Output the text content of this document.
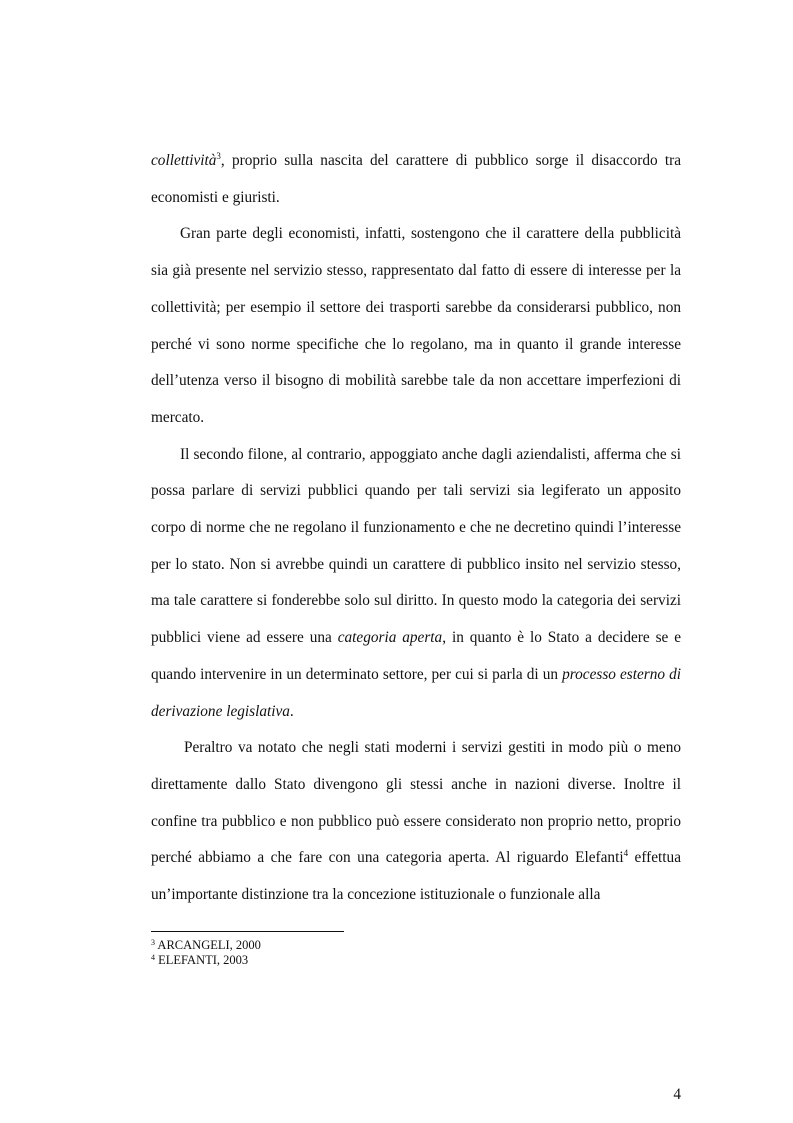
collettività$^3$, proprio sulla nascita del carattere di pubblico sorge il disaccordo tra economisti e giuristi.

Gran parte degli economisti, infatti, sostengono che il carattere della pubblicità sia già presente nel servizio stesso, rappresentato dal fatto di essere di interesse per la collettività; per esempio il settore dei trasporti sarebbe da considerarsi pubblico, non perché vi sono norme specifiche che lo regolano, ma in quanto il grande interesse dell’utenza verso il bisogno di mobilità sarebbe tale da non accettare imperfezioni di mercato.

Il secondo filone, al contrario, appoggiato anche dagli aziendalisti, afferma che si possa parlare di servizi pubblici quando per tali servizi sia legiferato un apposito corpo di norme che ne regolano il funzionamento e che ne decretino quindi l’interesse per lo stato. Non si avrebbe quindi un carattere di pubblico insito nel servizio stesso, ma tale carattere si fonderebbe solo sul diritto. In questo modo la categoria dei servizi pubblici viene ad essere una categoria aperta, in quanto è lo Stato a decidere se e quando intervenire in un determinato settore, per cui si parla di un processo esterno di derivazione legislativa.

Peraltro va notato che negli stati moderni i servizi gestiti in modo più o meno direttamente dallo Stato divengono gli stessi anche in nazioni diverse. Inoltre il confine tra pubblico e non pubblico può essere considerato non proprio netto, proprio perché abbiamo a che fare con una categoria aperta. Al riguardo Elefanti$^4$ effettua un’importante distinzione tra la concezione istituzionale o funzionale alla

$^3$ ARCANGELI, 2000
$^4$ ELEFANTI, 2003
4
